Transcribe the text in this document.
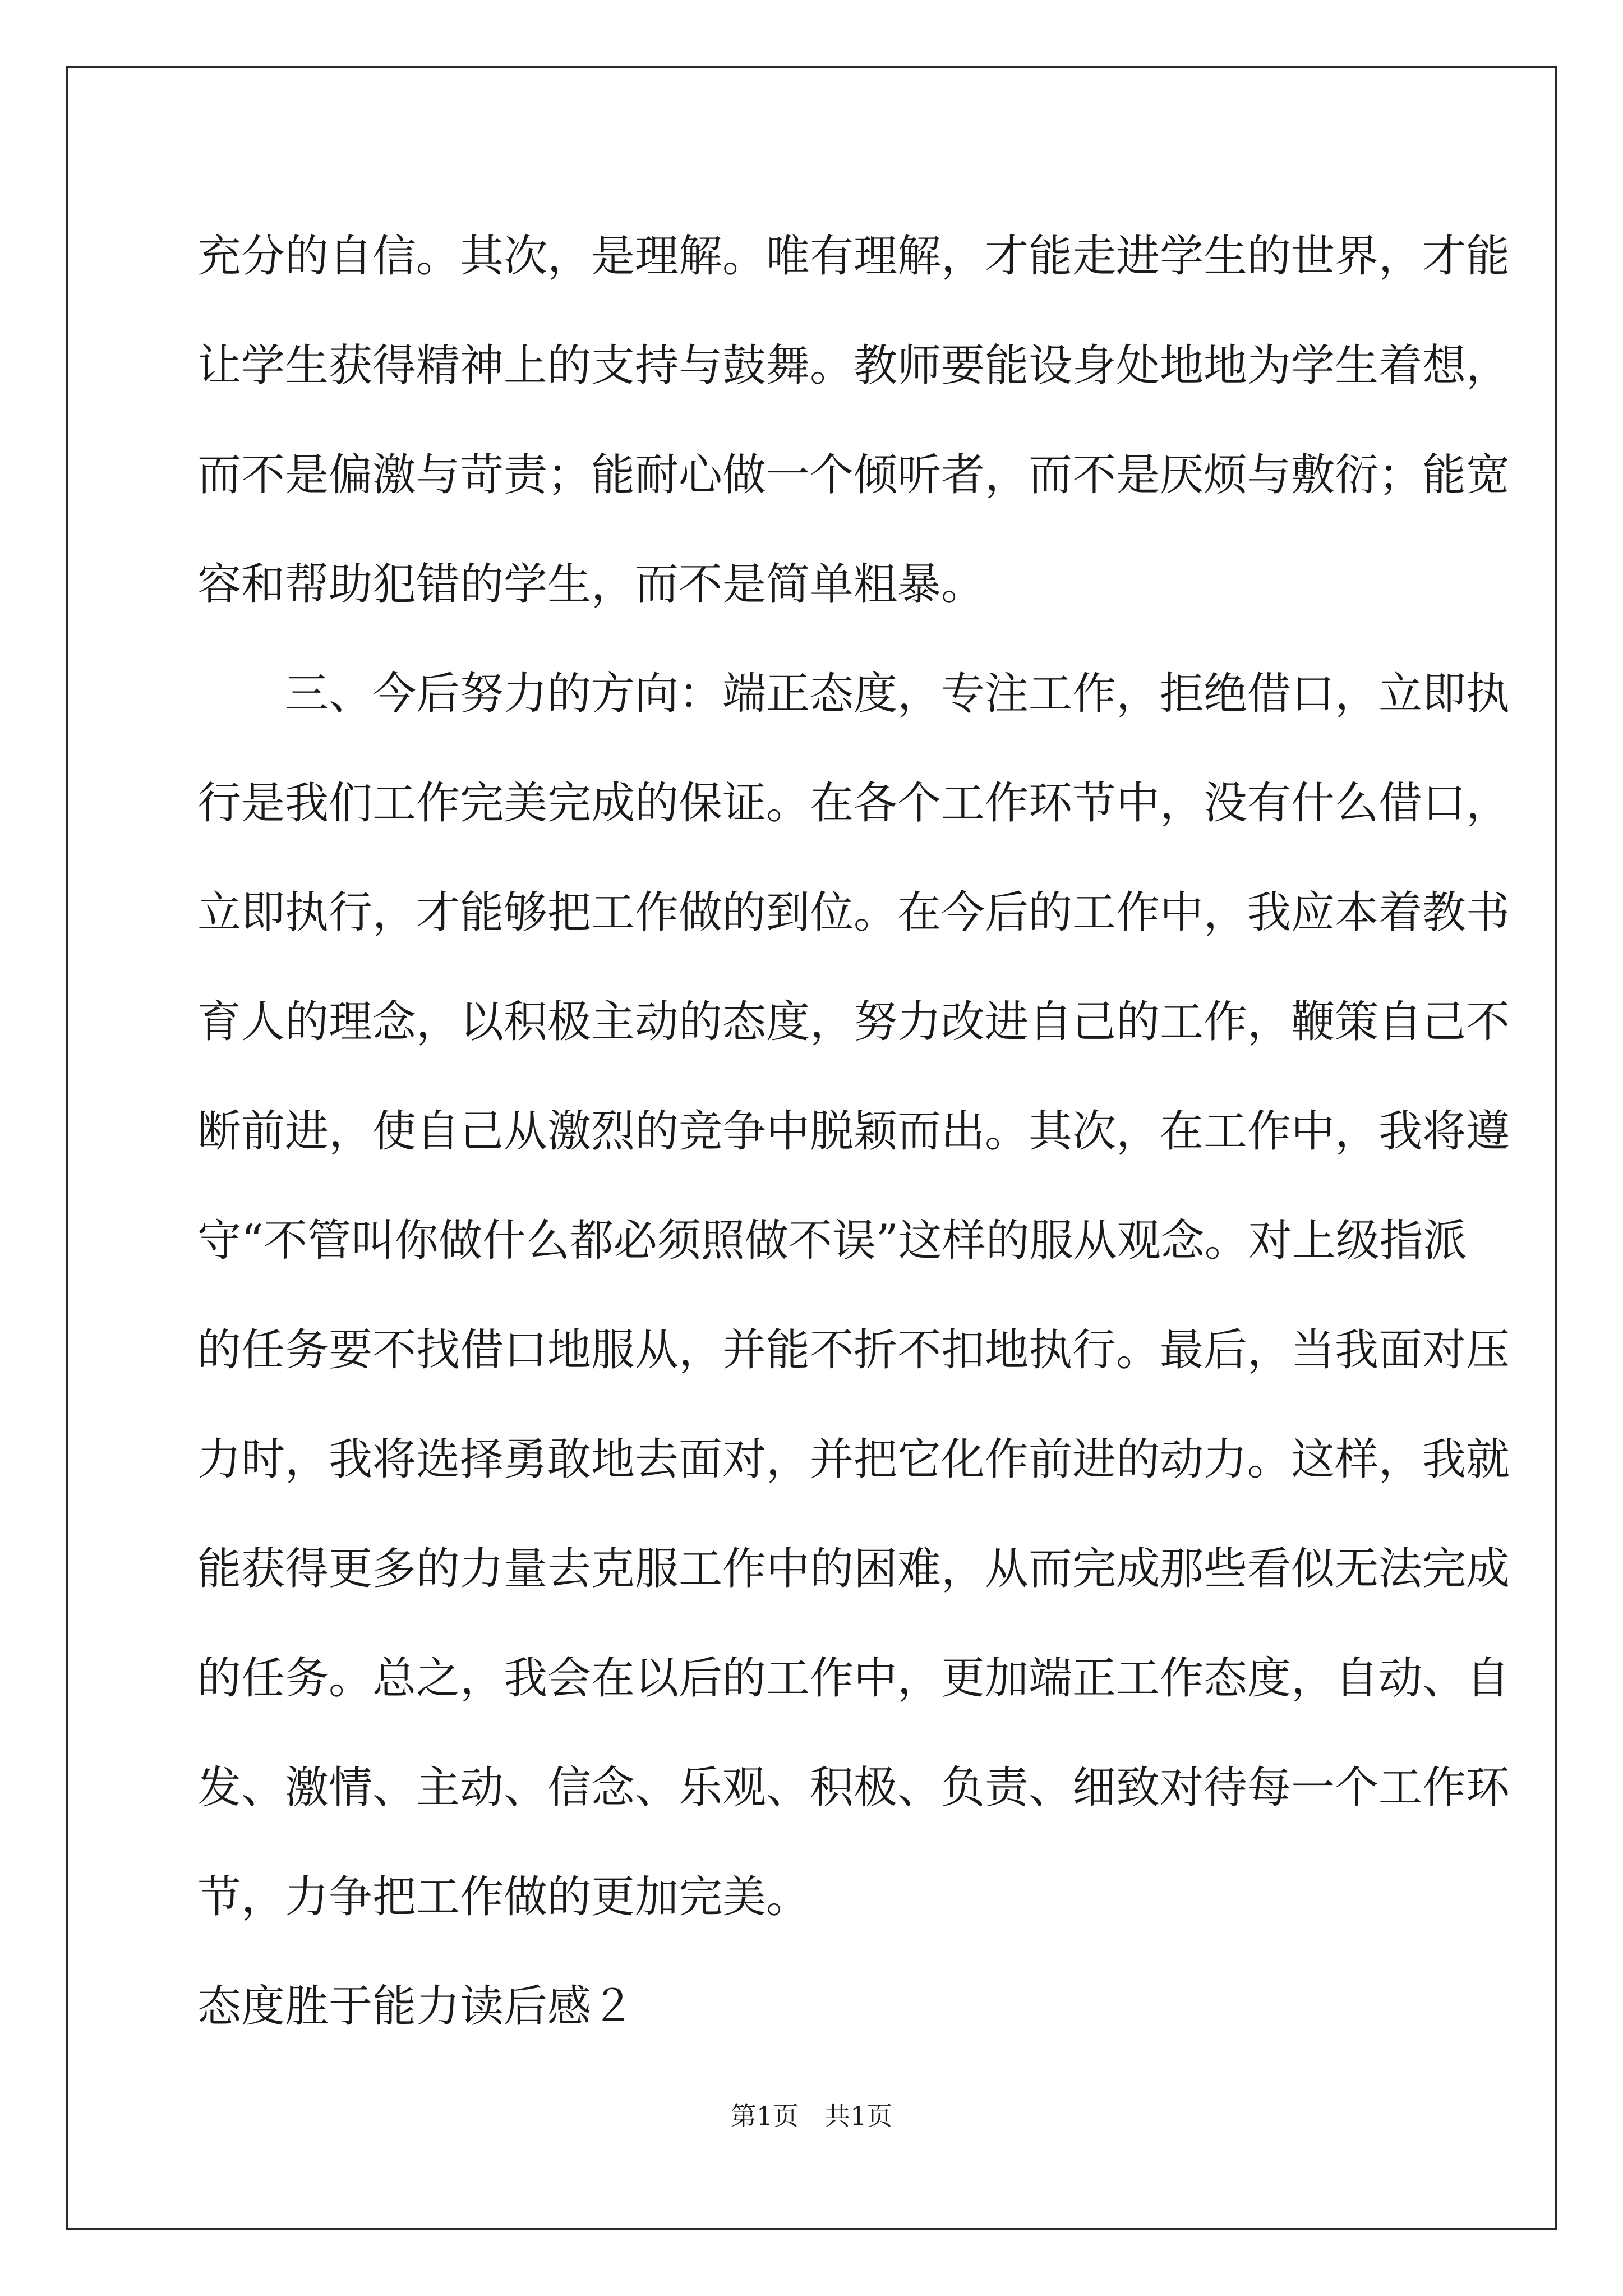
充分的自信。其次，是理解。唯有理解，才能走进学生的世界，才能
让学生获得精神上的支持与鼓舞。教师要能设身处地地为学生着想，
而不是偏激与苛责；能耐心做一个倾听者，而不是厌烦与敷衍；能宽
容和帮助犯错的学生，而不是简单粗暴。
　　三、今后努力的方向：端正态度，专注工作，拒绝借口，立即执
行是我们工作完美完成的保证。在各个工作环节中，没有什么借口，
立即执行，才能够把工作做的到位。在今后的工作中，我应本着教书
育人的理念，以积极主动的态度，努力改进自己的工作，鞭策自己不
断前进，使自己从激烈的竞争中脱颖而出。其次，在工作中，我将遵
守“不管叫你做什么都必须照做不误”这样的服从观念。对上级指派
的任务要不找借口地服从，并能不折不扣地执行。最后，当我面对压
力时，我将选择勇敢地去面对，并把它化作前进的动力。这样，我就
能获得更多的力量去克服工作中的困难，从而完成那些看似无法完成
的任务。总之，我会在以后的工作中，更加端正工作态度，自动、自
发、激情、主动、信念、乐观、积极、负责、细致对待每一个工作环
节，力争把工作做的更加完美。
态度胜于能力读后感２
第1页　共1页
